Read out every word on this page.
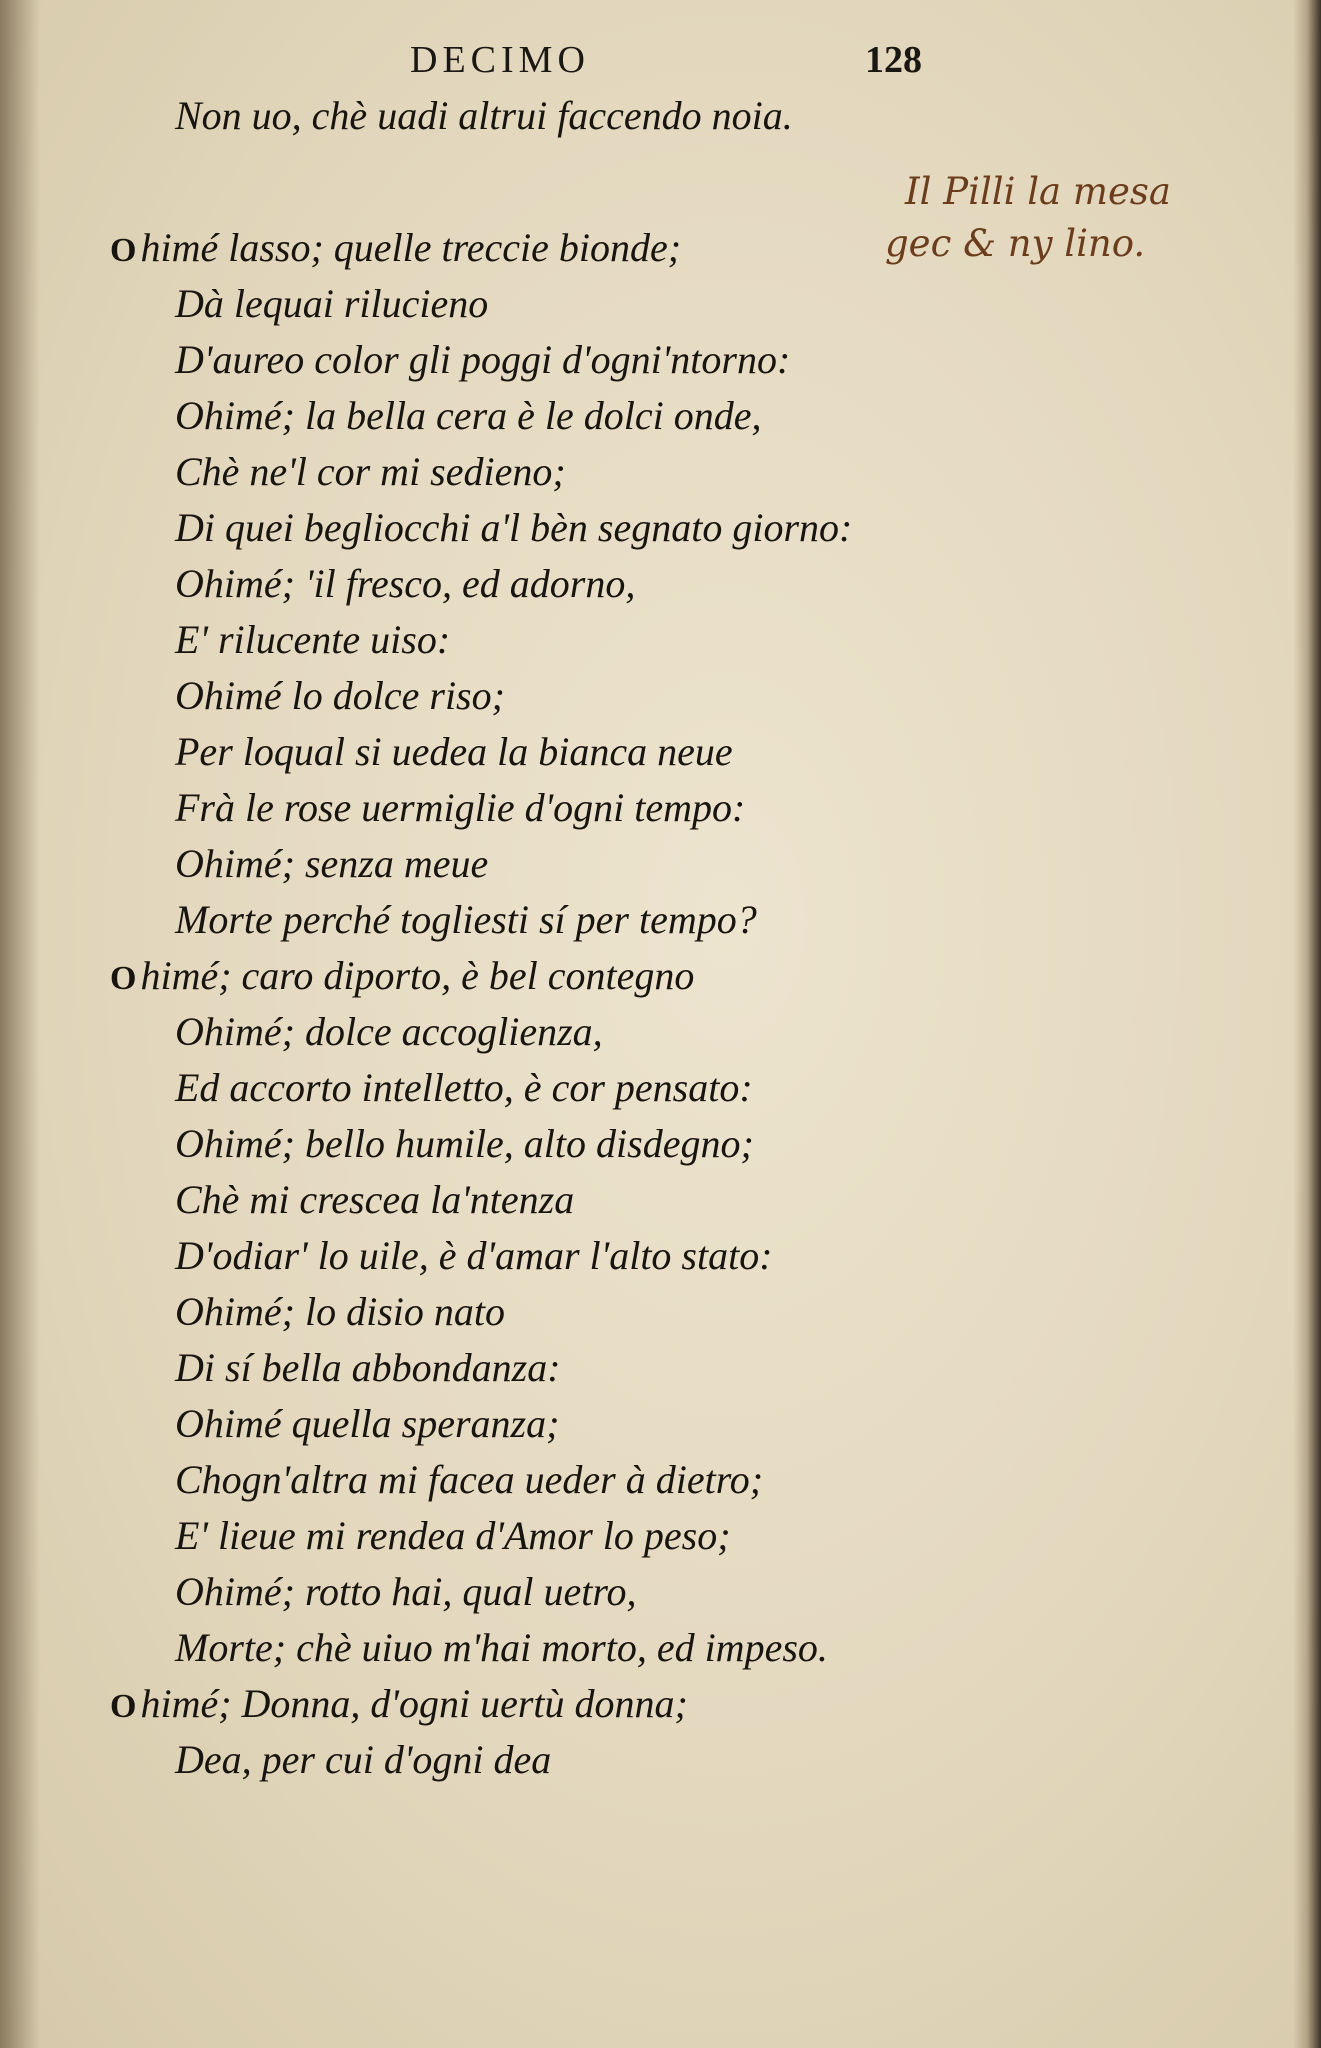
DECIMO	128
Non uo, chè uadi altrui faccendo noia.
O himé lasso; quelle treccie bionde;
Dà lequai rilucieno
D'aureo color gli poggi d'ogni'ntorno:
Ohimé; la bella cera è le dolci onde,
Chè ne'l cor mi sedieno;
Di quei begliocchi a'l bèn segnato giorno:
Ohimé; 'il fresco, ed adorno,
E' rilucente uiso:
Ohimé lo dolce riso;
Per loqual si uedea la bianca neue
Frà le rose uermiglie d'ogni tempo:
Ohimé; senza meue
Morte perché togliesti sí per tempo?
O himé; caro diporto, è bel contegno
Ohimé; dolce accoglienza,
Ed accorto intelletto, è cor pensato:
Ohimé; bello humile, alto disdegno;
Chè mi crescea la'ntenza
D'odiar' lo uile, è d'amar l'alto stato:
Ohimé; lo disio nato
Di sí bella abbondanza:
Ohimé quella speranza;
Chogn'altra mi facea ueder à dietro;
E' lieue mi rendea d'Amor lo peso;
Ohimé; rotto hai, qual uetro,
Morte; chè uiuo m'hai morto, ed impeso.
O himé; Donna, d'ogni uertù donna;
Dea, per cui d'ogni dea
Il Pilli la mesa
gec & ny lino.
